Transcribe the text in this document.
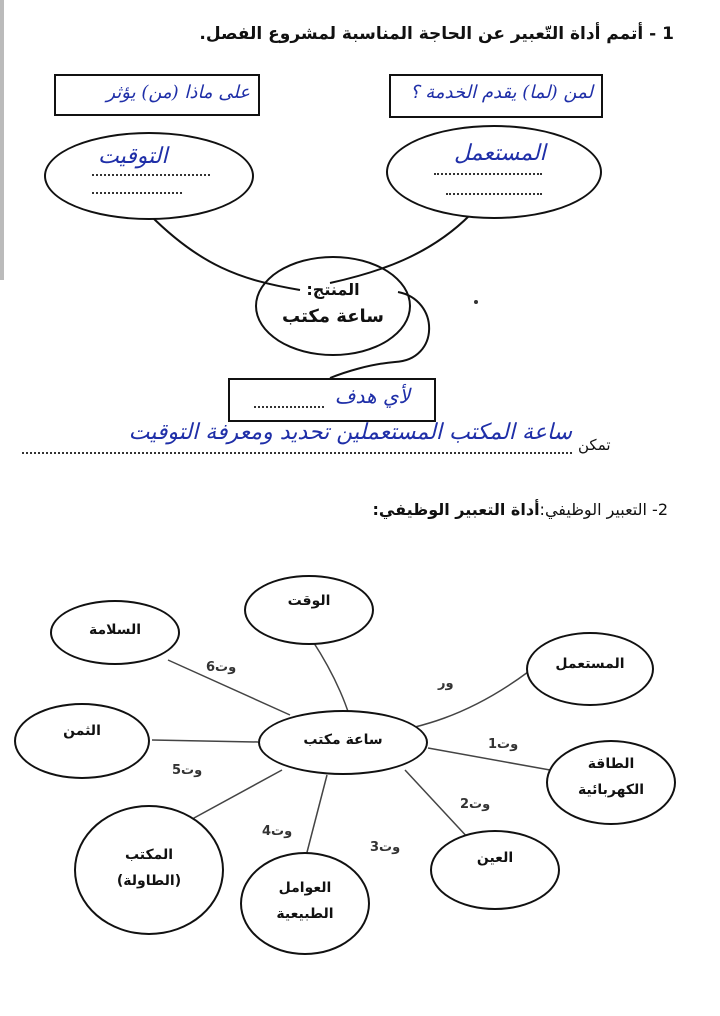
1 - أتمم أداة التّعبير عن الحاجة المناسبة لمشروع الفصل.
على ماذا (من) يؤثر	لمن (لما) يقدم الخدمة ؟
التوقيت	المستعمل
المنتج:
ساعة مكتب
لأي هدف
ساعة المكتب المستعملين تحديد ومعرفة التوقيت تمكن
2- التعبير الوظيفي:أداة التعبير الوظيفي:
الوقت
السلامة
المستعمل
الثمن
ساعة مكتب
الطاقة
الكهربائية
المكتب
(الطاولة)
العين
العوامل
الطبيعية
وت6
ور
وت1
وت5
وت2
وت4
وت3
